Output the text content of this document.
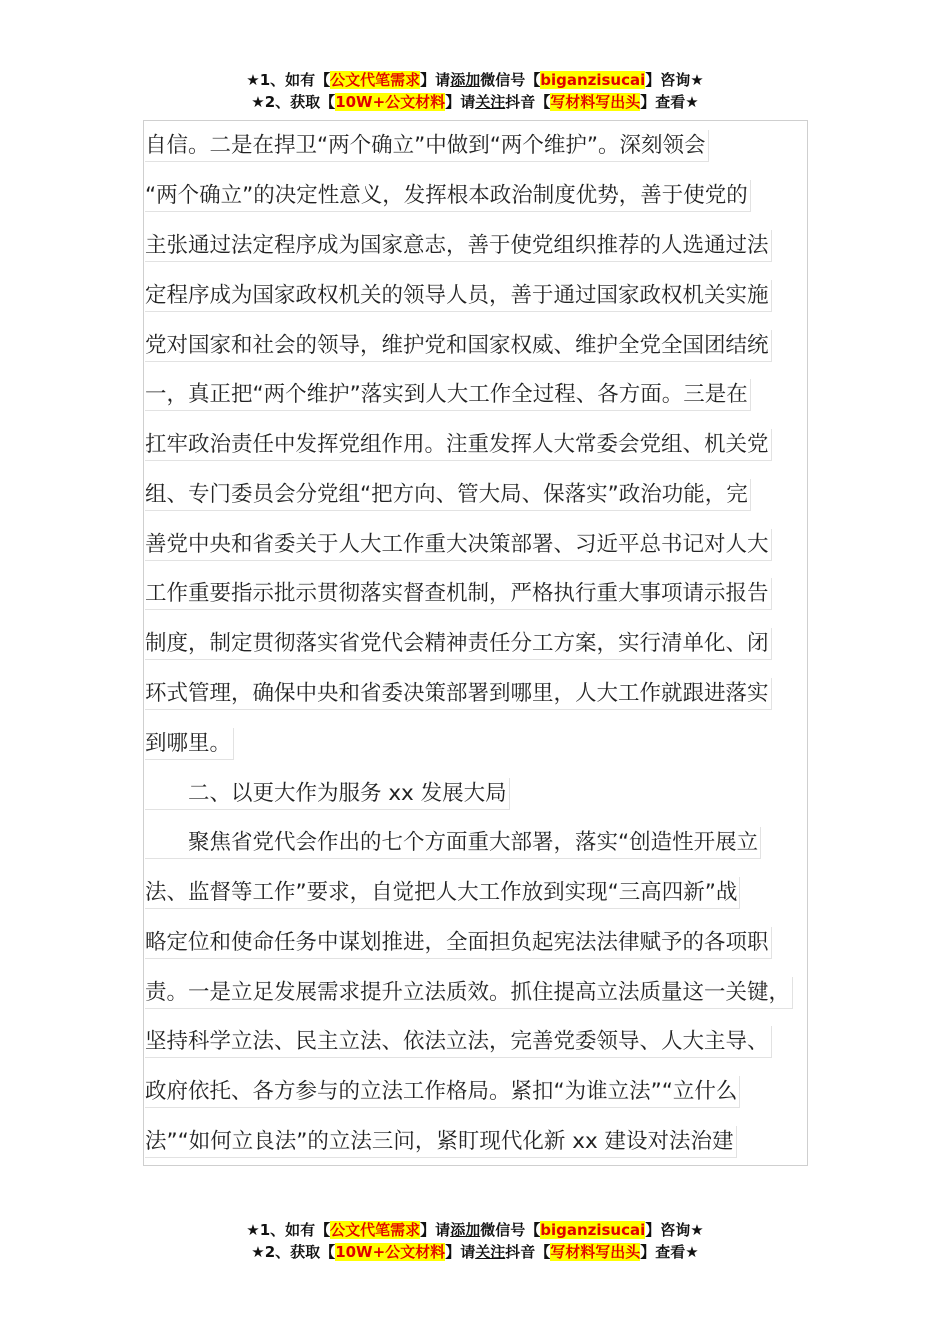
★1、如有【公文代笔需求】请添加微信号【biganzisucai】咨询★
★2、获取【10W+公文材料】请关注抖音【写材料写出头】查看★
自信。二是在捍卫“两个确立”中做到“两个维护”。深刻领会
“两个确立”的决定性意义，发挥根本政治制度优势，善于使党的
主张通过法定程序成为国家意志，善于使党组织推荐的人选通过法
定程序成为国家政权机关的领导人员，善于通过国家政权机关实施
党对国家和社会的领导，维护党和国家权威、维护全党全国团结统
一，真正把“两个维护”落实到人大工作全过程、各方面。三是在
扛牢政治责任中发挥党组作用。注重发挥人大常委会党组、机关党
组、专门委员会分党组“把方向、管大局、保落实”政治功能，完
善党中央和省委关于人大工作重大决策部署、习近平总书记对人大
工作重要指示批示贯彻落实督查机制，严格执行重大事项请示报告
制度，制定贯彻落实省党代会精神责任分工方案，实行清单化、闭
环式管理，确保中央和省委决策部署到哪里，人大工作就跟进落实
到哪里。
　　二、以更大作为服务 xx 发展大局
　　聚焦省党代会作出的七个方面重大部署，落实“创造性开展立
法、监督等工作”要求，自觉把人大工作放到实现“三高四新”战
略定位和使命任务中谋划推进，全面担负起宪法法律赋予的各项职
责。一是立足发展需求提升立法质效。抓住提高立法质量这一关键，
坚持科学立法、民主立法、依法立法，完善党委领导、人大主导、
政府依托、各方参与的立法工作格局。紧扣“为谁立法”“立什么
法”“如何立良法”的立法三问，紧盯现代化新 xx 建设对法治建
★1、如有【公文代笔需求】请添加微信号【biganzisucai】咨询★
★2、获取【10W+公文材料】请关注抖音【写材料写出头】查看★
